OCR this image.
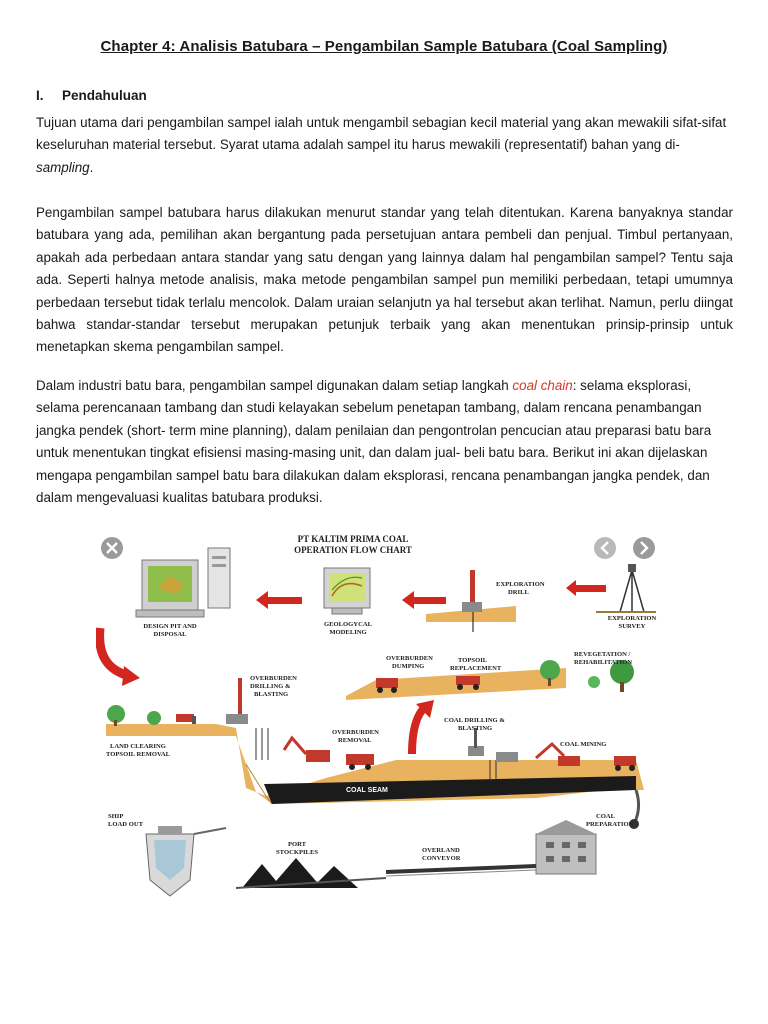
Chapter 4: Analisis Batubara – Pengambilan Sample Batubara (Coal Sampling)
I. Pendahuluan

Tujuan utama dari pengambilan sampel ialah untuk mengambil sebagian kecil material yang akan mewakili sifat-sifat keseluruhan material tersebut. Syarat utama adalah sampel itu harus mewakili (representatif) bahan yang di-
sampling.

Pengambilan sampel batubara harus dilakukan menurut standar yang telah ditentukan. Karena banyaknya standar batubara yang ada, pemilihan akan bergantung pada persetujuan antara pembeli dan penjual. Timbul pertanyaan, apakah ada perbedaan antara standar yang satu dengan yang lainnya dalam hal pengambilan sampel? Tentu saja ada. Seperti halnya metode analisis, maka metode pengambilan sampel pun memiliki perbedaan, tetapi umumnya perbedaan tersebut tidak terlalu mencolok. Dalam uraian selanjutn ya hal tersebut akan terlihat. Namun, perlu diingat bahwa standar-standar tersebut merupakan petunjuk terbaik yang akan menentukan prinsip-prinsip untuk menetapkan skema pengambilan sampel.

Dalam industri batu bara, pengambilan sampel digunakan dalam setiap langkah coal chain: selama eksplorasi, selama perencanaan tambang dan studi kelayakan sebelum penetapan tambang, dalam rencana penambangan jangka pendek (short- term mine planning), dalam penilaian dan pengontrolan pencucian atau preparasi batu bara untuk menentukan tingkat efisiensi masing-masing unit, dan dalam jual- beli batu bara. Berikut ini akan dijelaskan mengapa pengambilan sampel batu bara dilakukan dalam eksplorasi, rencana penambangan jangka pendek, dan dalam mengevaluasi kualitas batubara produksi.

PT KALTIM PRIMA COAL
OPERATION FLOW CHART
DESIGN PIT AND
DISPOSAL
GEOLOGYCAL
MODELING
EXPLORATION
DRILL
EXPLORATION
SURVEY
OVERBURDEN
DUMPING
TOPSOIL
REPLACEMENT
REVEGETATION /
REHABILITATION
COAL SEAM
LAND CLEARING
TOPSOIL REMOVAL
OVERBURDEN
DRILLING &
BLASTING
OVERBURDEN
REMOVAL
COAL DRILLING &
BLASTING
COAL MINING
COAL
PREPARATION
OVERLAND
CONVEYOR
PORT
STOCKPILES
SHIP
LOAD OUT
